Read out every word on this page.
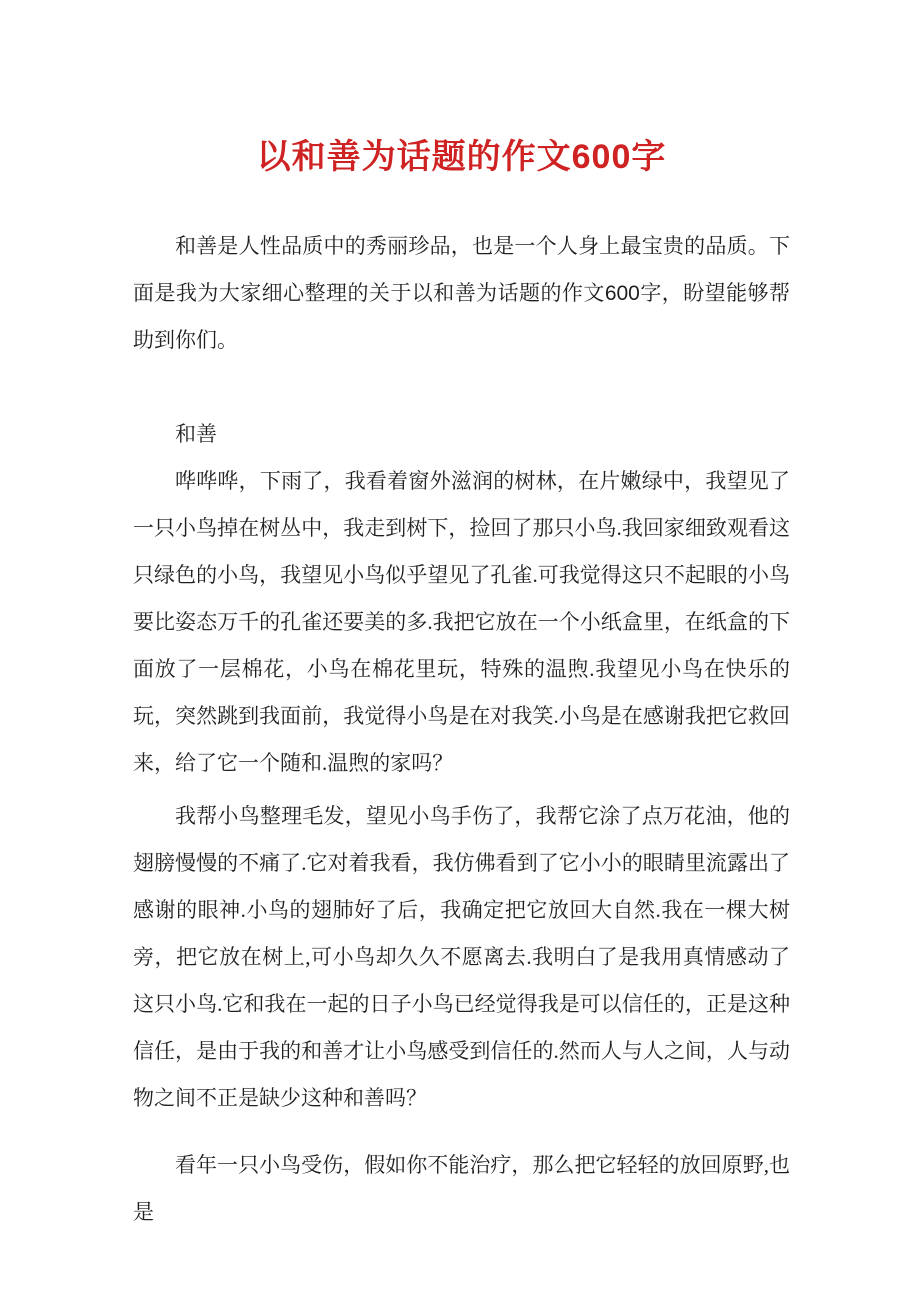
以和善为话题的作文600字

和善是人性品质中的秀丽珍品，也是一个人身上最宝贵的品质。下面是我为大家细心整理的关于以和善为话题的作文600字，盼望能够帮助到你们。

和善

哗哗哗，下雨了，我看着窗外滋润的树林，在片嫩绿中，我望见了一只小鸟掉在树丛中，我走到树下，捡回了那只小鸟.我回家细致观看这只绿色的小鸟，我望见小鸟似乎望见了孔雀.可我觉得这只不起眼的小鸟要比姿态万千的孔雀还要美的多.我把它放在一个小纸盒里，在纸盒的下面放了一层棉花，小鸟在棉花里玩，特殊的温煦.我望见小鸟在快乐的玩，突然跳到我面前，我觉得小鸟是在对我笑.小鸟是在感谢我把它救回来，给了它一个随和.温煦的家吗？

我帮小鸟整理毛发，望见小鸟手伤了，我帮它涂了点万花油，他的翅膀慢慢的不痛了.它对着我看，我仿佛看到了它小小的眼睛里流露出了感谢的眼神.小鸟的翅肺好了后，我确定把它放回大自然.我在一棵大树旁，把它放在树上,可小鸟却久久不愿离去.我明白了是我用真情感动了这只小鸟.它和我在一起的日子小鸟已经觉得我是可以信任的，正是这种信任，是由于我的和善才让小鸟感受到信任的.然而人与人之间，人与动物之间不正是缺少这种和善吗？

看年一只小鸟受伤，假如你不能治疗，那么把它轻轻的放回原野,也是
